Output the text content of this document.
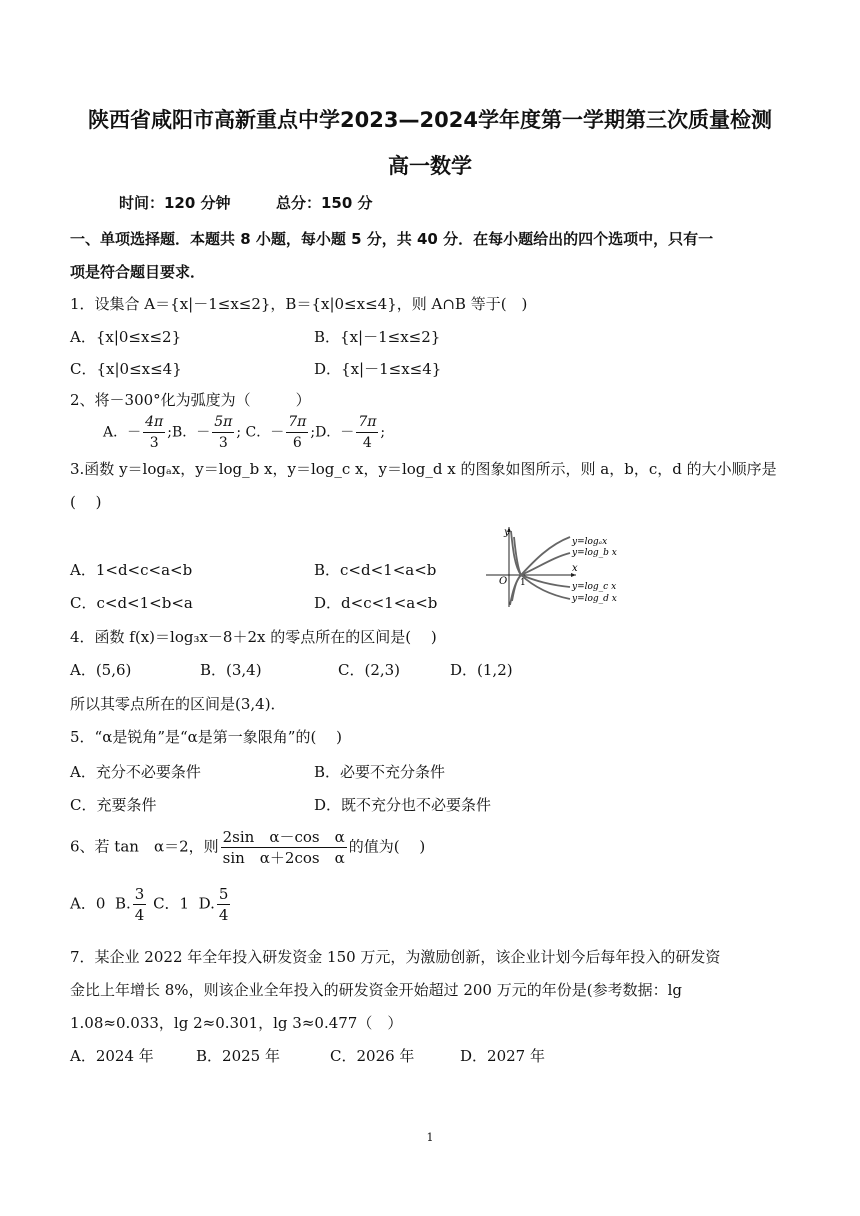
陕西省咸阳市高新重点中学2023—2024学年度第一学期第三次质量检测
高一数学
时间：120 分钟	总分：150 分
一、单项选择题．本题共 8 小题，每小题 5 分，共 40 分．在每小题给出的四个选项中，只有一
项是符合题目要求．
1．设集合 A＝{x|－1≤x≤2}，B＝{x|0≤x≤4}，则 A∩B 等于(　)
A．{x|0≤x≤2}	B．{x|－1≤x≤2}
C．{x|0≤x≤4}	D．{x|－1≤x≤4}
2、将－300°化为弧度为（　　　）
A．－ $\frac{4\pi}{3}$ ;B．－ $\frac{5\pi}{3}$ ; C．－ $\frac{7\pi}{6}$ ;D．－ $\frac{7\pi}{4}$ ;
3.函数 y＝logₐx，y＝log_b x，y＝log_c x，y＝log_d x 的图象如图所示，则 a，b，c，d 的大小顺序是
(　 )
A．1<d<c<a<b	B．c<d<1<a<b
C．c<d<1<b<a	D．d<c<1<a<b
y
x
O 1
y=logₐx
y=log_b x
y=log_c x
y=log_d x
4．函数 f(x)＝log₃x－8＋2x 的零点所在的区间是(　 )
A．(5,6)	B．(3,4)	C．(2,3)	D．(1,2)
所以其零点所在的区间是(3,4)．
5．“α是锐角”是“α是第一象限角”的(　 )
A．充分不必要条件	B．必要不充分条件
C．充要条件	D．既不充分也不必要条件
6、若 tan　α＝2，则 $\frac{\text{2sin　α－cos　α}}{\text{sin　α＋2cos　α}}$ 的值为(　 )
A．0 B. $\frac{3}{4}$ C．1 D. $\frac{5}{4}$
7．某企业 2022 年全年投入研发资金 150 万元，为激励创新，该企业计划今后每年投入的研发资
金比上年增长 8%，则该企业全年投入的研发资金开始超过 200 万元的年份是(参考数据：lg
1.08≈0.033，lg 2≈0.301，lg 3≈0.477（　）
A．2024 年	B．2025 年	C．2026 年	D．2027 年
1
